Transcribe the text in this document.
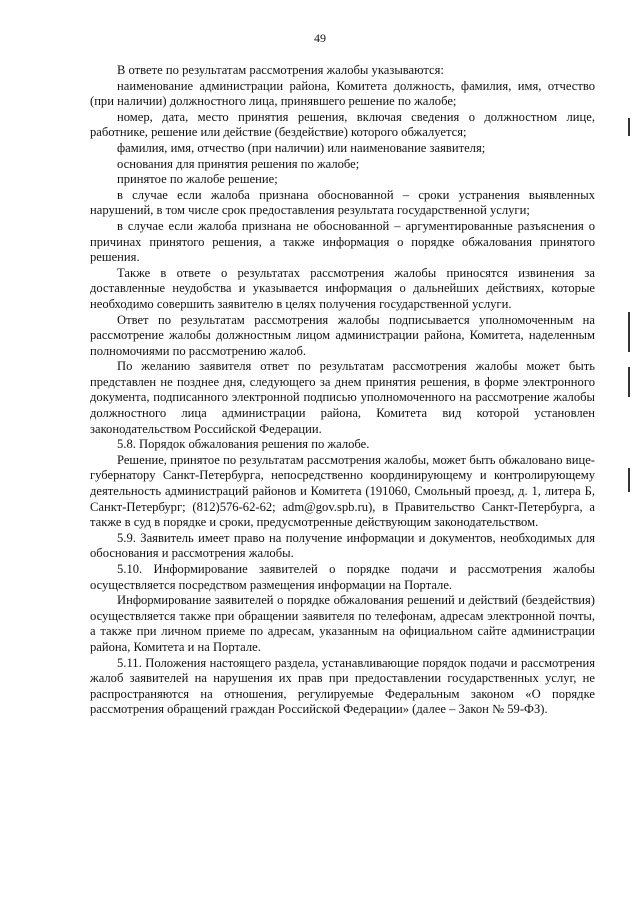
49

В ответе по результатам рассмотрения жалобы указываются:

наименование администрации района, Комитета должность, фамилия, имя, отчество (при наличии) должностного лица, принявшего решение по жалобе;

номер, дата, место принятия решения, включая сведения о должностном лице, работнике, решение или действие (бездействие) которого обжалуется;

фамилия, имя, отчество (при наличии) или наименование заявителя;

основания для принятия решения по жалобе;

принятое по жалобе решение;

в случае если жалоба признана обоснованной – сроки устранения выявленных нарушений, в том числе срок предоставления результата государственной услуги;

в случае если жалоба признана не обоснованной – аргументированные разъяснения о причинах принятого решения, а также информация о порядке обжалования принятого решения.

Также в ответе о результатах рассмотрения жалобы приносятся извинения за доставленные неудобства и указывается информация о дальнейших действиях, которые необходимо совершить заявителю в целях получения государственной услуги.

Ответ по результатам рассмотрения жалобы подписывается уполномоченным на рассмотрение жалобы должностным лицом администрации района, Комитета, наделенным полномочиями по рассмотрению жалоб.

По желанию заявителя ответ по результатам рассмотрения жалобы может быть представлен не позднее дня, следующего за днем принятия решения, в форме электронного документа, подписанного электронной подписью уполномоченного на рассмотрение жалобы должностного лица администрации района, Комитета вид которой установлен законодательством Российской Федерации.

5.8. Порядок обжалования решения по жалобе.

Решение, принятое по результатам рассмотрения жалобы, может быть обжаловано вице-губернатору Санкт-Петербурга, непосредственно координирующему и контролирующему деятельность администраций районов и Комитета (191060, Смольный проезд, д. 1, литера Б, Санкт-Петербург; (812)576-62-62; adm@gov.spb.ru), в Правительство Санкт-Петербурга, а также в суд в порядке и сроки, предусмотренные действующим законодательством.

5.9. Заявитель имеет право на получение информации и документов, необходимых для обоснования и рассмотрения жалобы.

5.10. Информирование заявителей о порядке подачи и рассмотрения жалобы осуществляется посредством размещения информации на Портале.

Информирование заявителей о порядке обжалования решений и действий (бездействия) осуществляется также при обращении заявителя по телефонам, адресам электронной почты, а также при личном приеме по адресам, указанным на официальном сайте администрации района, Комитета и на Портале.

5.11. Положения настоящего раздела, устанавливающие порядок подачи и рассмотрения жалоб заявителей на нарушения их прав при предоставлении государственных услуг, не распространяются на отношения, регулируемые Федеральным законом «О порядке рассмотрения обращений граждан Российской Федерации» (далее – Закон № 59-ФЗ).
